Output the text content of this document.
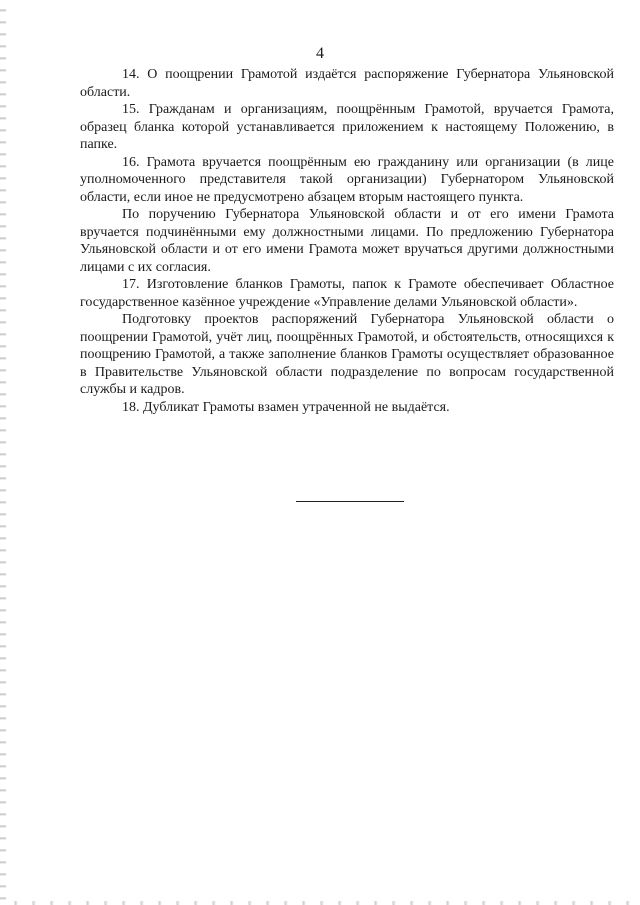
4

14. О поощрении Грамотой издаётся распоряжение Губернатора Ульяновской области.

15. Гражданам и организациям, поощрённым Грамотой, вручается Грамота, образец бланка которой устанавливается приложением к настоящему Положению, в папке.

16. Грамота вручается поощрённым ею гражданину или организации (в лице уполномоченного представителя такой организации) Губернатором Ульяновской области, если иное не предусмотрено абзацем вторым настоящего пункта.

По поручению Губернатора Ульяновской области и от его имени Грамота вручается подчинёнными ему должностными лицами. По предложению Губернатора Ульяновской области и от его имени Грамота может вручаться другими должностными лицами с их согласия.

17. Изготовление бланков Грамоты, папок к Грамоте обеспечивает Областное государственное казённое учреждение «Управление делами Ульяновской области».

Подготовку проектов распоряжений Губернатора Ульяновской области о поощрении Грамотой, учёт лиц, поощрённых Грамотой, и обстоятельств, относящихся к поощрению Грамотой, а также заполнение бланков Грамоты осуществляет образованное в Правительстве Ульяновской области подразделение по вопросам государственной службы и кадров.

18. Дубликат Грамоты взамен утраченной не выдаётся.
